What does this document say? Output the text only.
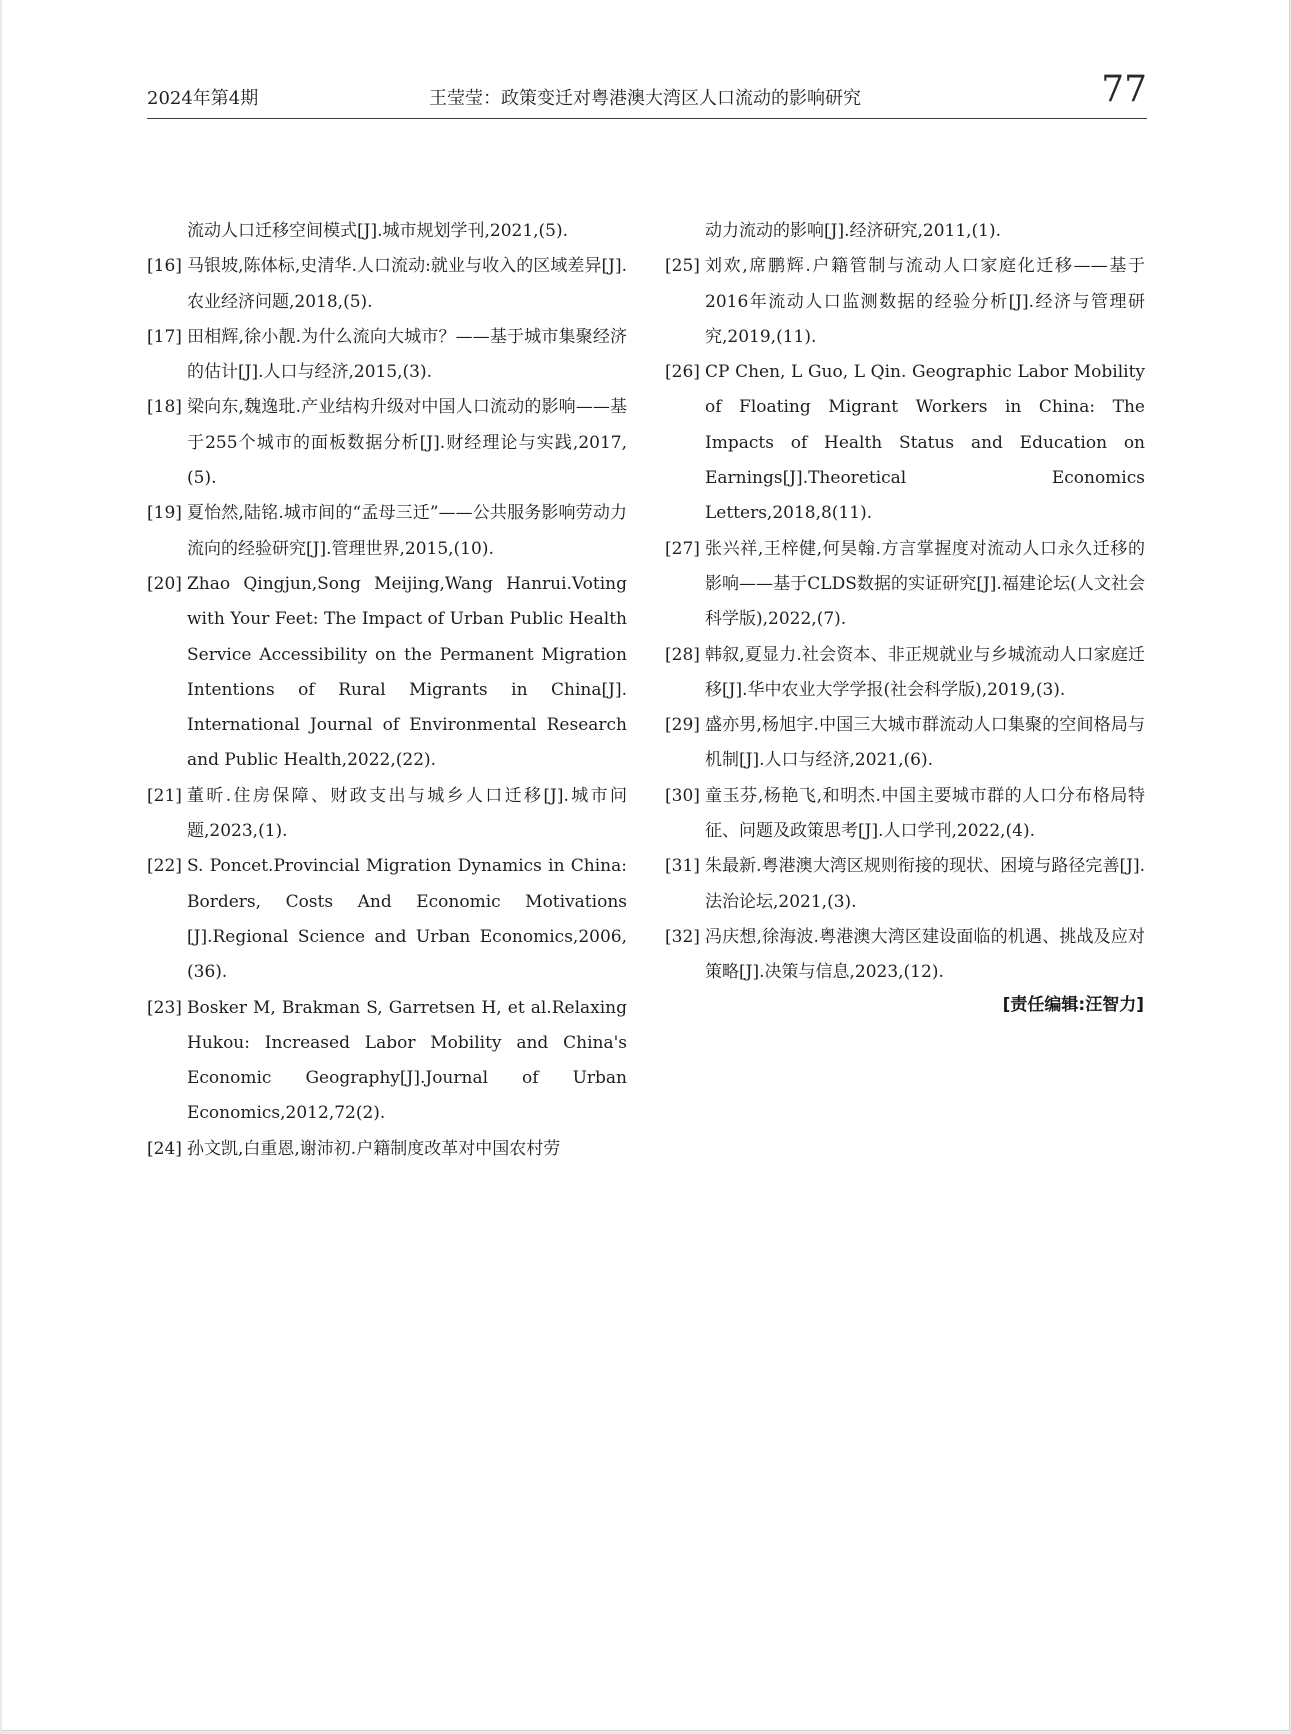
2024年第4期	王莹莹：政策变迁对粤港澳大湾区人口流动的影响研究	77
流动人口迁移空间模式[J].城市规划学刊,2021,(5).
[16] 马银坡,陈体标,史清华.人口流动:就业与收入的区域差异[J].农业经济问题,2018,(5).
[17] 田相辉,徐小靓.为什么流向大城市？——基于城市集聚经济的估计[J].人口与经济,2015,(3).
[18] 梁向东,魏逸玭.产业结构升级对中国人口流动的影响——基于255个城市的面板数据分析[J].财经理论与实践,2017,(5).
[19] 夏怡然,陆铭.城市间的“孟母三迁”——公共服务影响劳动力流向的经验研究[J].管理世界,2015,(10).
[20] Zhao Qingjun,Song Meijing,Wang Hanrui.Voting with Your Feet: The Impact of Urban Public Health Service Accessibility on the Permanent Migration Intentions of Rural Migrants in China[J]. International Journal of Environmental Research and Public Health,2022,(22).
[21] 董昕.住房保障、财政支出与城乡人口迁移[J].城市问题,2023,(1).
[22] S. Poncet.Provincial Migration Dynamics in China: Borders, Costs And Economic Motivations [J].Regional Science and Urban Economics,2006,(36).
[23] Bosker M, Brakman S, Garretsen H, et al.Relaxing Hukou: Increased Labor Mobility and China's Economic Geography[J].Journal of Urban Economics,2012,72(2).
[24] 孙文凯,白重恩,谢沛初.户籍制度改革对中国农村劳
动力流动的影响[J].经济研究,2011,(1).
[25] 刘欢,席鹏辉.户籍管制与流动人口家庭化迁移——基于2016年流动人口监测数据的经验分析[J].经济与管理研究,2019,(11).
[26] CP Chen, L Guo, L Qin. Geographic Labor Mobility of Floating Migrant Workers in China: The Impacts of Health Status and Education on Earnings[J].Theoretical Economics Letters,2018,8(11).
[27] 张兴祥,王梓健,何昊翰.方言掌握度对流动人口永久迁移的影响——基于CLDS数据的实证研究[J].福建论坛(人文社会科学版),2022,(7).
[28] 韩叙,夏显力.社会资本、非正规就业与乡城流动人口家庭迁移[J].华中农业大学学报(社会科学版),2019,(3).
[29] 盛亦男,杨旭宇.中国三大城市群流动人口集聚的空间格局与机制[J].人口与经济,2021,(6).
[30] 童玉芬,杨艳飞,和明杰.中国主要城市群的人口分布格局特征、问题及政策思考[J].人口学刊,2022,(4).
[31] 朱最新.粤港澳大湾区规则衔接的现状、困境与路径完善[J].法治论坛,2021,(3).
[32] 冯庆想,徐海波.粤港澳大湾区建设面临的机遇、挑战及应对策略[J].决策与信息,2023,(12).
[责任编辑:汪智力]
